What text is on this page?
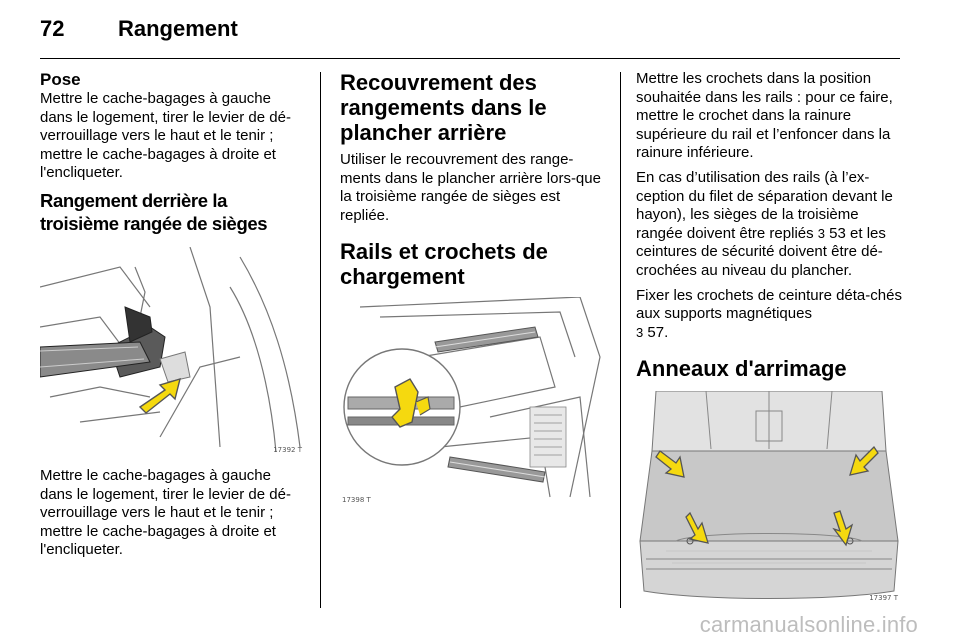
72 Rangement
Pose

Mettre le cache-bagages à gauche dans le logement, tirer le levier de dé-verrouillage vers le haut et le tenir ; mettre le cache-bagages à droite et l'encliqueter.

Rangement derrière la troisième rangée de sièges
17392 T

Mettre le cache-bagages à gauche dans le logement, tirer le levier de dé-verrouillage vers le haut et le tenir ; mettre le cache-bagages à droite et l'encliqueter.

Recouvrement des rangements dans le plancher arrière

Utiliser le recouvrement des range-ments dans le plancher arrière lors-que la troisième rangée de sièges est repliée.

Rails et crochets de chargement
17398 T

Mettre les crochets dans la position souhaitée dans les rails : pour ce faire, mettre le crochet dans la rainure supérieure du rail et l’enfoncer dans la rainure inférieure.

En cas d’utilisation des rails (à l’ex-ception du filet de séparation devant le hayon), les sièges de la troisième rangée doivent être repliés 3 53 et les ceintures de sécurité doivent être dé-crochées au niveau du plancher.

Fixer les crochets de ceinture déta-chés aux supports magnétiques
3 57.

Anneaux d'arrimage
17397 T
carmanualsonline.info
